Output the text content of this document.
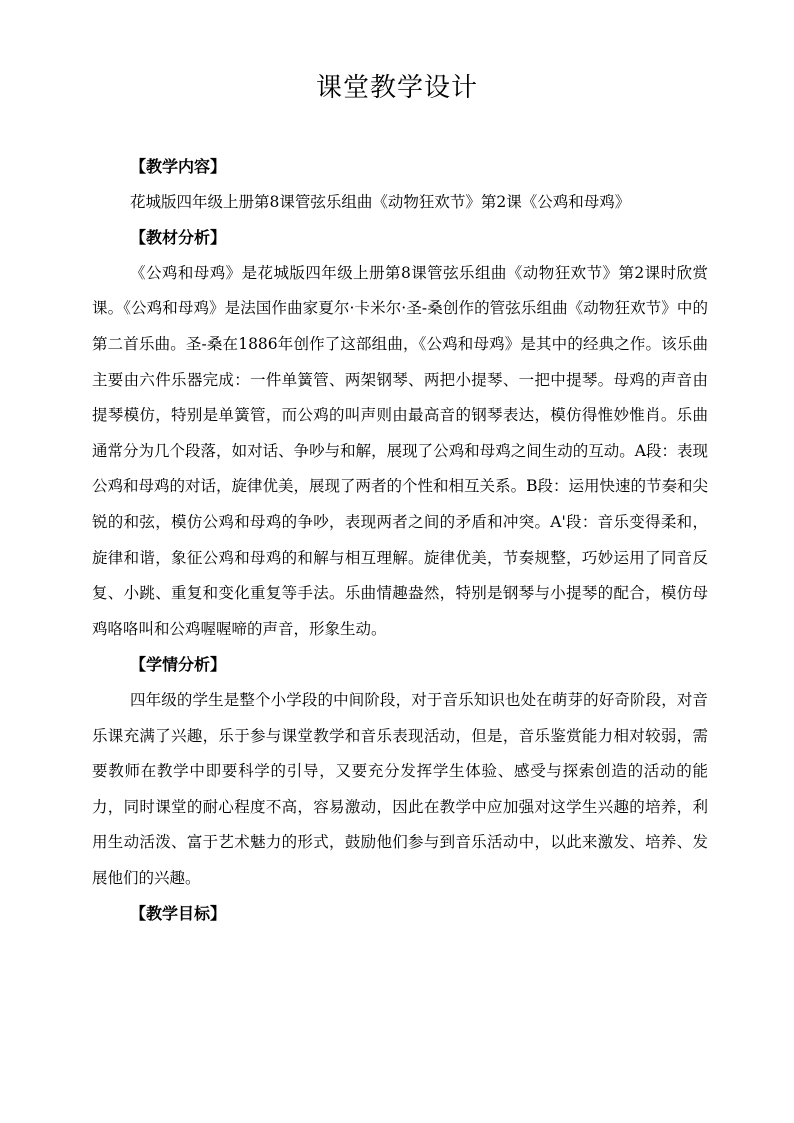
课堂教学设计

【教学内容】

花城版四年级上册第8课管弦乐组曲《动物狂欢节》第2课《公鸡和母鸡》

【教材分析】

《公鸡和母鸡》是花城版四年级上册第8课管弦乐组曲《动物狂欢节》第2课时欣赏课。《公鸡和母鸡》是法国作曲家夏尔·卡米尔·圣-桑创作的管弦乐组曲《动物狂欢节》中的第二首乐曲。圣-桑在1886年创作了这部组曲，《公鸡和母鸡》是其中的经典之作。该乐曲主要由六件乐器完成：一件单簧管、两架钢琴、两把小提琴、一把中提琴。母鸡的声音由提琴模仿，特别是单簧管，而公鸡的叫声则由最高音的钢琴表达，模仿得惟妙惟肖。乐曲通常分为几个段落，如对话、争吵与和解，展现了公鸡和母鸡之间生动的互动。A段：表现公鸡和母鸡的对话，旋律优美，展现了两者的个性和相互关系。B段：运用快速的节奏和尖锐的和弦，模仿公鸡和母鸡的争吵，表现两者之间的矛盾和冲突。A'段：音乐变得柔和，旋律和谐，象征公鸡和母鸡的和解与相互理解。旋律优美，节奏规整，巧妙运用了同音反复、小跳、重复和变化重复等手法。乐曲情趣盎然，特别是钢琴与小提琴的配合，模仿母鸡咯咯叫和公鸡喔喔啼的声音，形象生动。

【学情分析】

四年级的学生是整个小学段的中间阶段，对于音乐知识也处在萌芽的好奇阶段，对音乐课充满了兴趣，乐于参与课堂教学和音乐表现活动，但是，音乐鉴赏能力相对较弱，需要教师在教学中即要科学的引导，又要充分发挥学生体验、感受与探索创造的活动的能力，同时课堂的耐心程度不高，容易激动，因此在教学中应加强对这学生兴趣的培养，利用生动活泼、富于艺术魅力的形式，鼓励他们参与到音乐活动中，以此来激发、培养、发展他们的兴趣。

【教学目标】
